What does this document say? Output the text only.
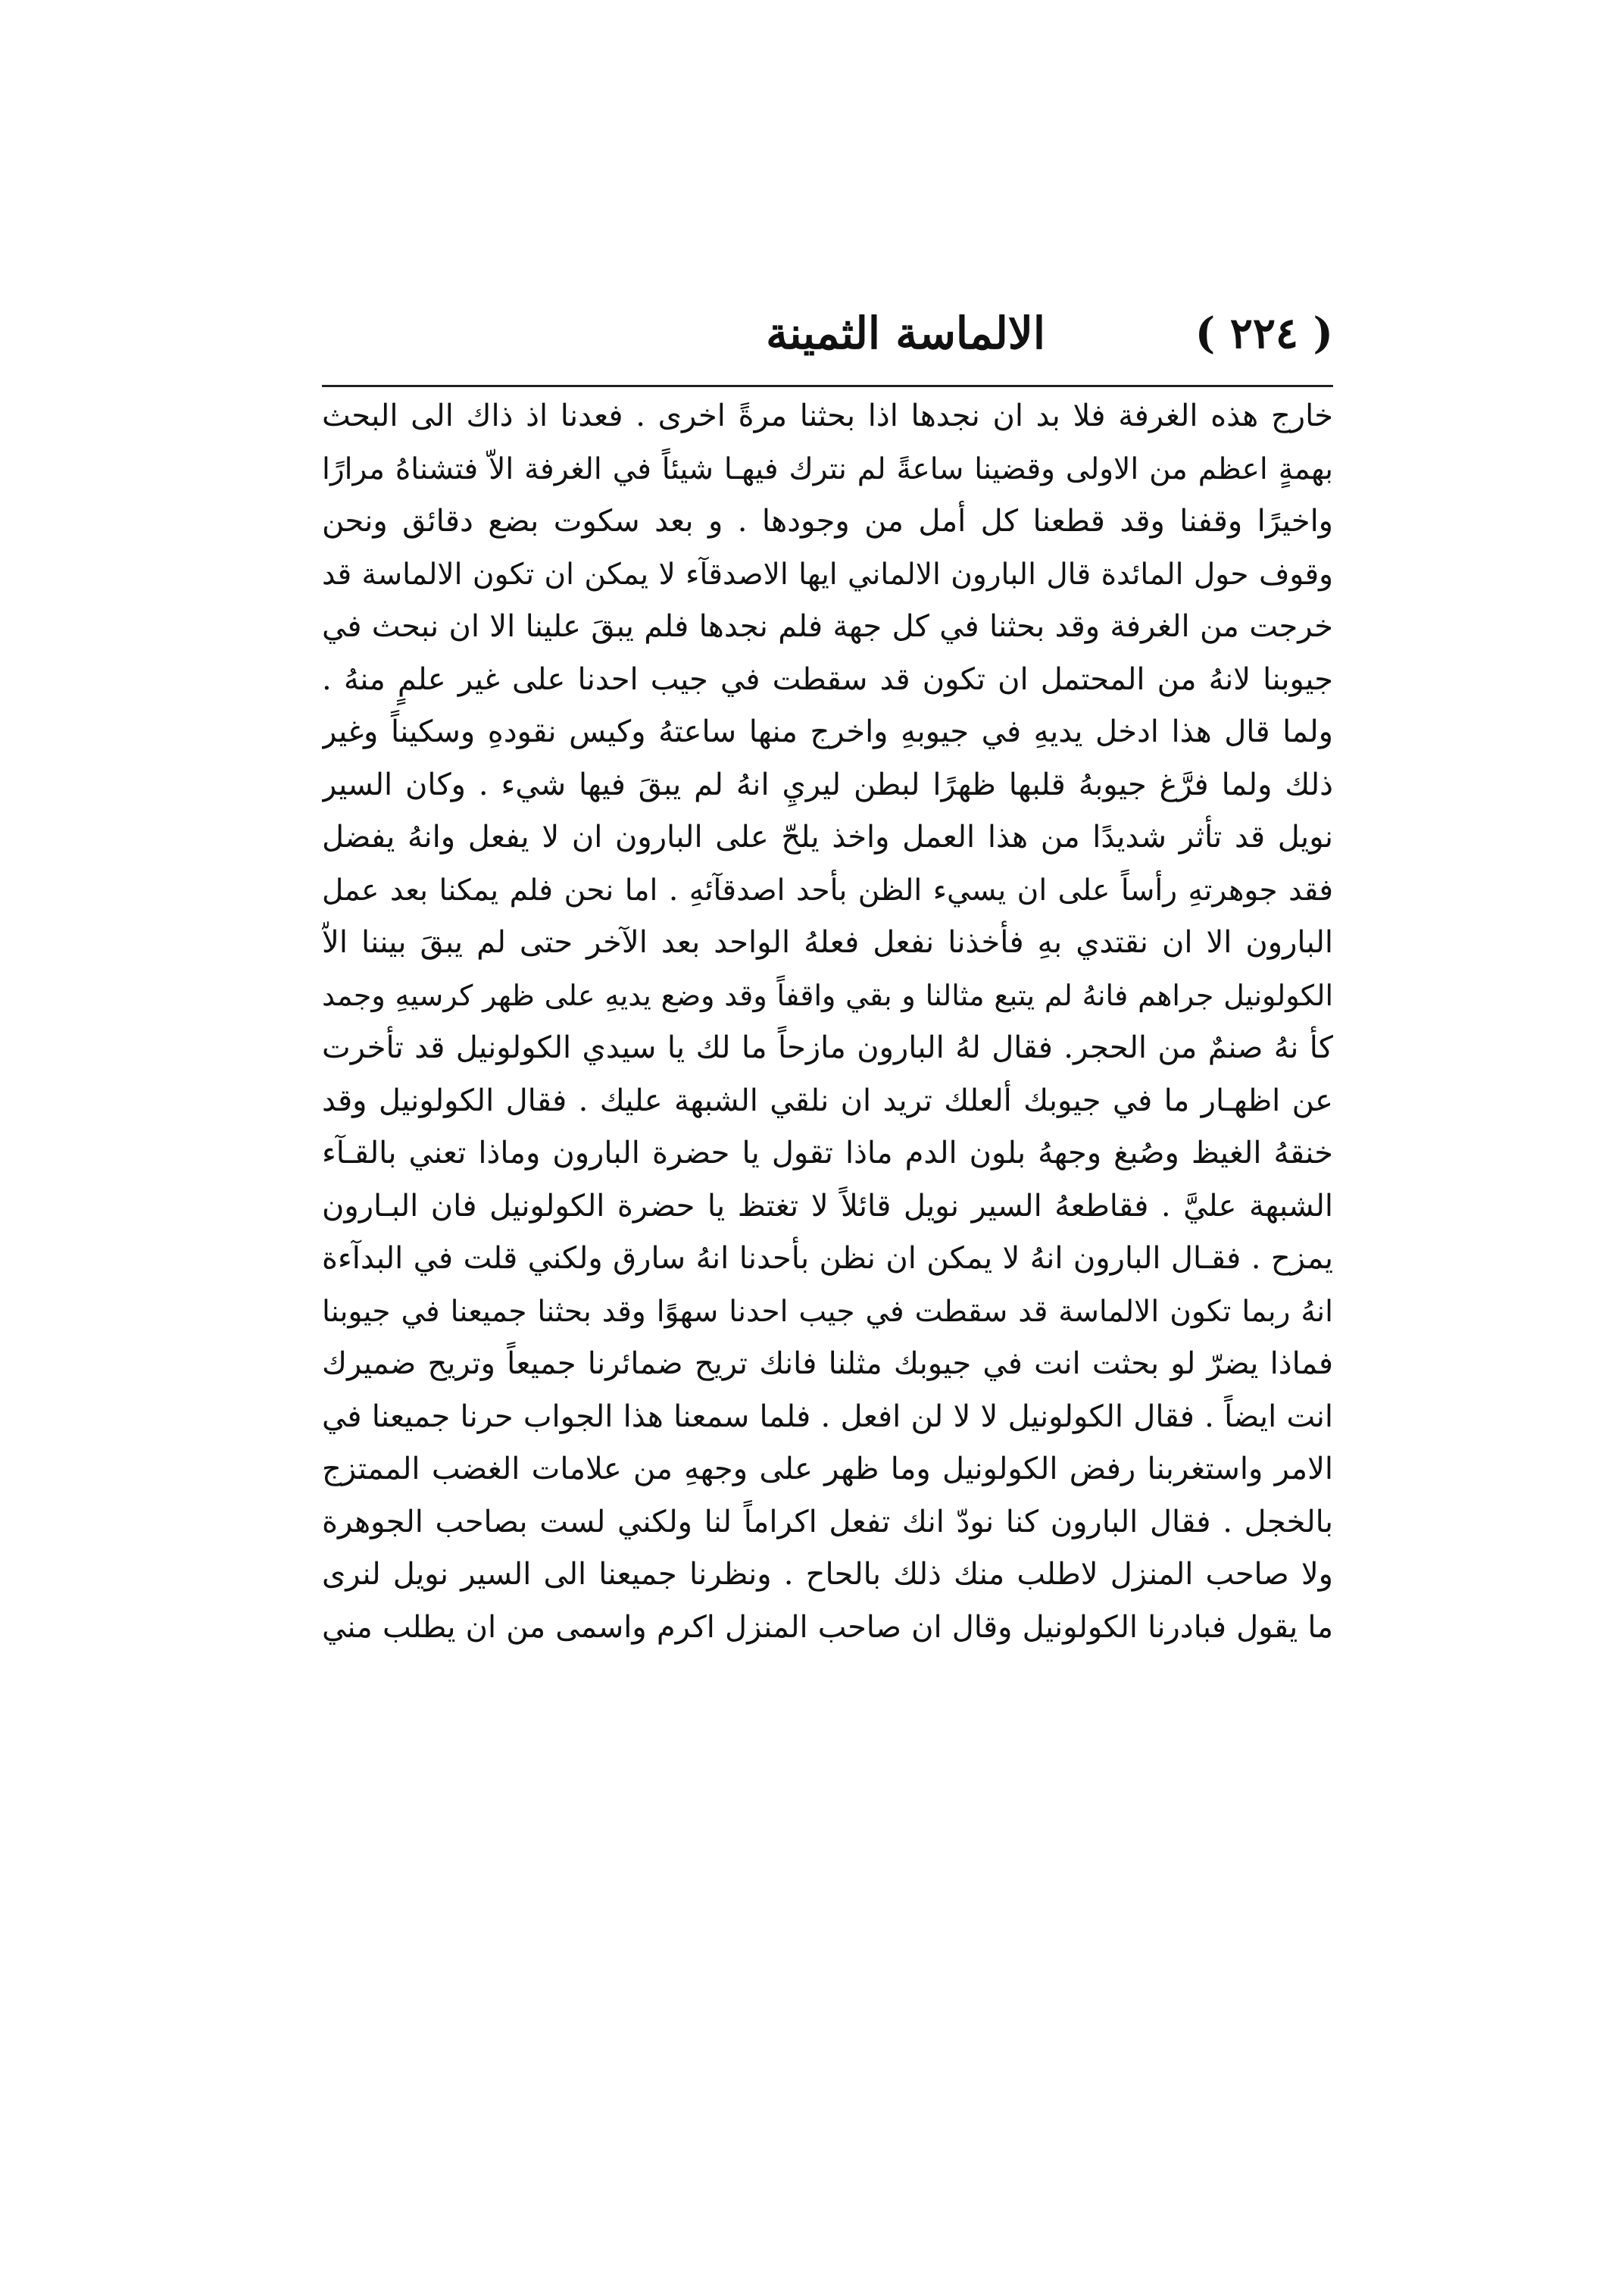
( ٢٢٤ )
الالماسة الثمينة
خارج هذه الغرفة فلا بد ان نجدها اذا بحثنا مرةً اخرى . فعدنا اذ ذاك الى البحث
بهمةٍ اعظم من الاولى وقضينا ساعةً لم نترك فيهـا شيئاً في الغرفة الاّ فتشناهُ مرارًا
واخيرًا وقفنا وقد قطعنا كل أمل من وجودها . و بعد سكوت بضع دقائق ونحن
وقوف حول المائدة قال البارون الالماني ايها الاصدقآء لا يمكن ان تكون الالماسة قد
خرجت من الغرفة وقد بحثنا في كل جهة فلم نجدها فلم يبقَ علينا الا ان نبحث في
جيوبنا لانهُ من المحتمل ان تكون قد سقطت في جيب احدنا على غير علمٍ منهُ .
ولما قال هذا ادخل يديهِ في جيوبهِ واخرج منها ساعتهُ وكيس نقودهِ وسكيناً وغير
ذلك ولما فرَّغ جيوبهُ قلبها ظهرًا لبطن ليريِ انهُ لم يبقَ فيها شيء . وكان السير
نويل قد تأثر شديدًا من هذا العمل واخذ يلحّ على البارون ان لا يفعل وانهُ يفضل
فقد جوهرتهِ رأساً على ان يسيء الظن بأحد اصدقآئهِ . اما نحن فلم يمكنا بعد عمل
البارون الا ان نقتدي بهِ فأخذنا نفعل فعلهُ الواحد بعد الآخر حتى لم يبقَ بيننا الاّ
الكولونيل جراهم فانهُ لم يتبع مثالنا و بقي واقفاً وقد وضع يديهِ على ظهر كرسيهِ وجمد
كأ نهُ صنمٌ من الحجر. فقال لهُ البارون مازحاً ما لك يا سيدي الكولونيل قد تأخرت
عن اظهـار ما في جيوبك ألعلك تريد ان نلقي الشبهة عليك . فقال الكولونيل وقد
خنقهُ الغيظ وصُبغ وجههُ بلون الدم ماذا تقول يا حضرة البارون وماذا تعني بالقـآء
الشبهة عليَّ . فقاطعهُ السير نويل قائلاً لا تغتظ يا حضرة الكولونيل فان البـارون
يمزح . فقـال البارون انهُ لا يمكن ان نظن بأحدنا انهُ سارق ولكني قلت في البدآءة
انهُ ربما تكون الالماسة قد سقطت في جيب احدنا سهوًا وقد بحثنا جميعنا في جيوبنا
فماذا يضرّ لو بحثت انت في جيوبك مثلنا فانك تريح ضمائرنا جميعاً وتريح ضميرك
انت ايضاً . فقال الكولونيل لا لا لن افعل . فلما سمعنا هذا الجواب حرنا جميعنا في
الامر واستغربنا رفض الكولونيل وما ظهر على وجههِ من علامات الغضب الممتزج
بالخجل . فقال البارون كنا نودّ انك تفعل اكراماً لنا ولكني لست بصاحب الجوهرة
ولا صاحب المنزل لاطلب منك ذلك بالحاح . ونظرنا جميعنا الى السير نويل لنرى
ما يقول فبادرنا الكولونيل وقال ان صاحب المنزل اكرم واسمى من ان يطلب مني
